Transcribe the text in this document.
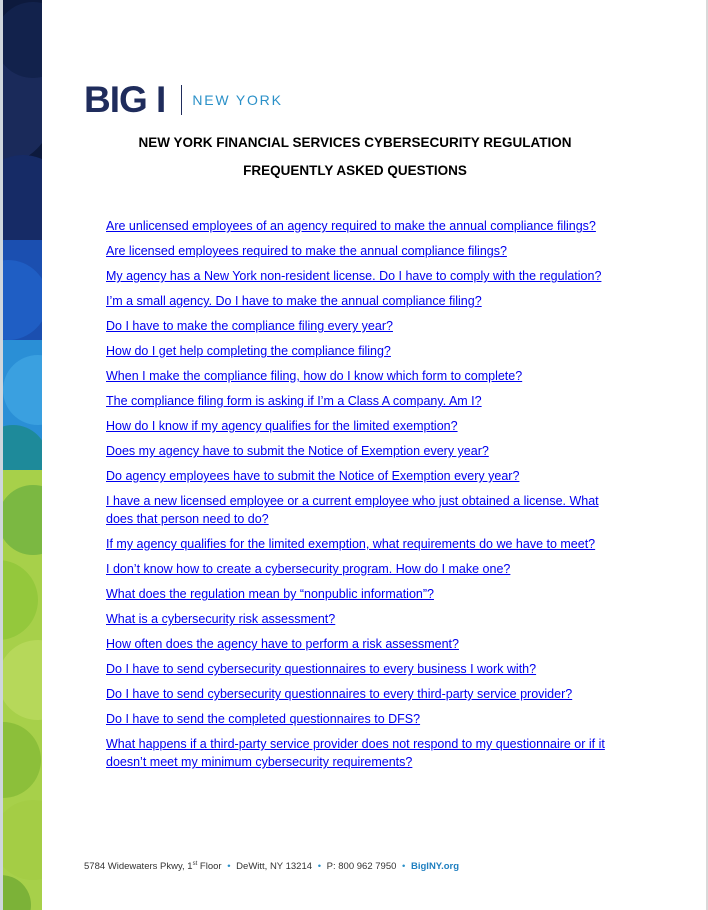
BIG I NEW YORK
NEW YORK FINANCIAL SERVICES CYBERSECURITY REGULATION
FREQUENTLY ASKED QUESTIONS
Are unlicensed employees of an agency required to make the annual compliance filings?
Are licensed employees required to make the annual compliance filings?
My agency has a New York non-resident license. Do I have to comply with the regulation?
I’m a small agency. Do I have to make the annual compliance filing?
Do I have to make the compliance filing every year?
How do I get help completing the compliance filing?
When I make the compliance filing, how do I know which form to complete?
The compliance filing form is asking if I’m a Class A company. Am I?
How do I know if my agency qualifies for the limited exemption?
Does my agency have to submit the Notice of Exemption every year?
Do agency employees have to submit the Notice of Exemption every year?
I have a new licensed employee or a current employee who just obtained a license. What does that person need to do?
If my agency qualifies for the limited exemption, what requirements do we have to meet?
I don’t know how to create a cybersecurity program. How do I make one?
What does the regulation mean by “nonpublic information”?
What is a cybersecurity risk assessment?
How often does the agency have to perform a risk assessment?
Do I have to send cybersecurity questionnaires to every business I work with?
Do I have to send cybersecurity questionnaires to every third-party service provider?
Do I have to send the completed questionnaires to DFS?
What happens if a third-party service provider does not respond to my questionnaire or if it doesn’t meet my minimum cybersecurity requirements?
5784 Widewaters Pkwy, 1st Floor • DeWitt, NY 13214 • P: 800 962 7950 • BigINY.org
